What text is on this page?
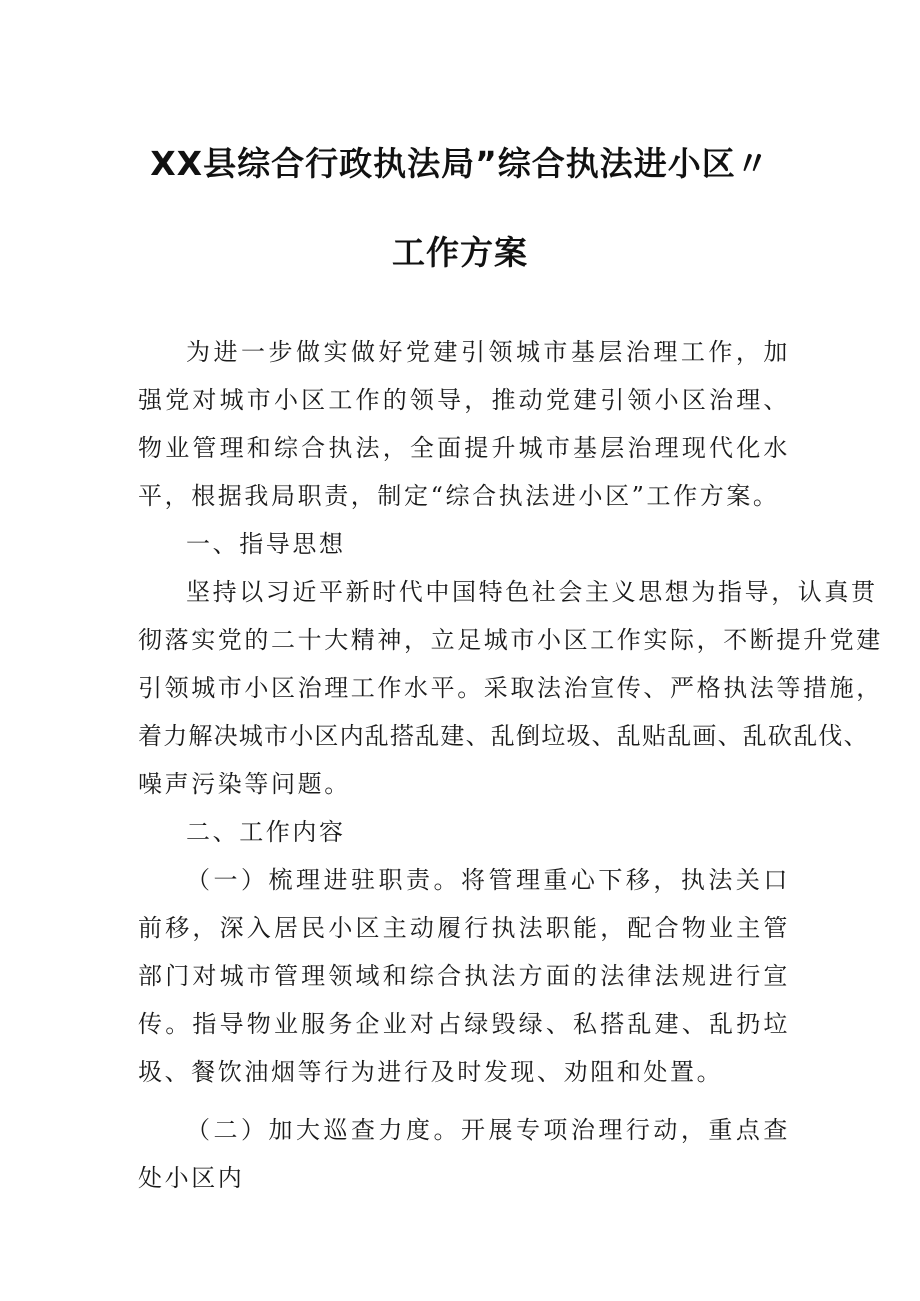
XX县综合行政执法局”综合执法进小区〃
工作方案

为进一步做实做好党建引领城市基层治理工作，加强党对城市小区工作的领导，推动党建引领小区治理、物业管理和综合执法，全面提升城市基层治理现代化水平，根据我局职责，制定“综合执法进小区”工作方案。

一、指导思想

坚持以习近平新时代中国特色社会主义思想为指导，认真贯
彻落实党的二十大精神，立足城市小区工作实际，不断提升党建
引领城市小区治理工作水平。采取法治宣传、严格执法等措施，
着力解决城市小区内乱搭乱建、乱倒垃圾、乱贴乱画、乱砍乱伐、
噪声污染等问题。

二、工作内容

（一）梳理进驻职责。将管理重心下移，执法关口前移，深入居民小区主动履行执法职能，配合物业主管部门对城市管理领域和综合执法方面的法律法规进行宣传。指导物业服务企业对占绿毁绿、私搭乱建、乱扔垃圾、餐饮油烟等行为进行及时发现、劝阻和处置。

（二）加大巡查力度。开展专项治理行动，重点查处小区内
